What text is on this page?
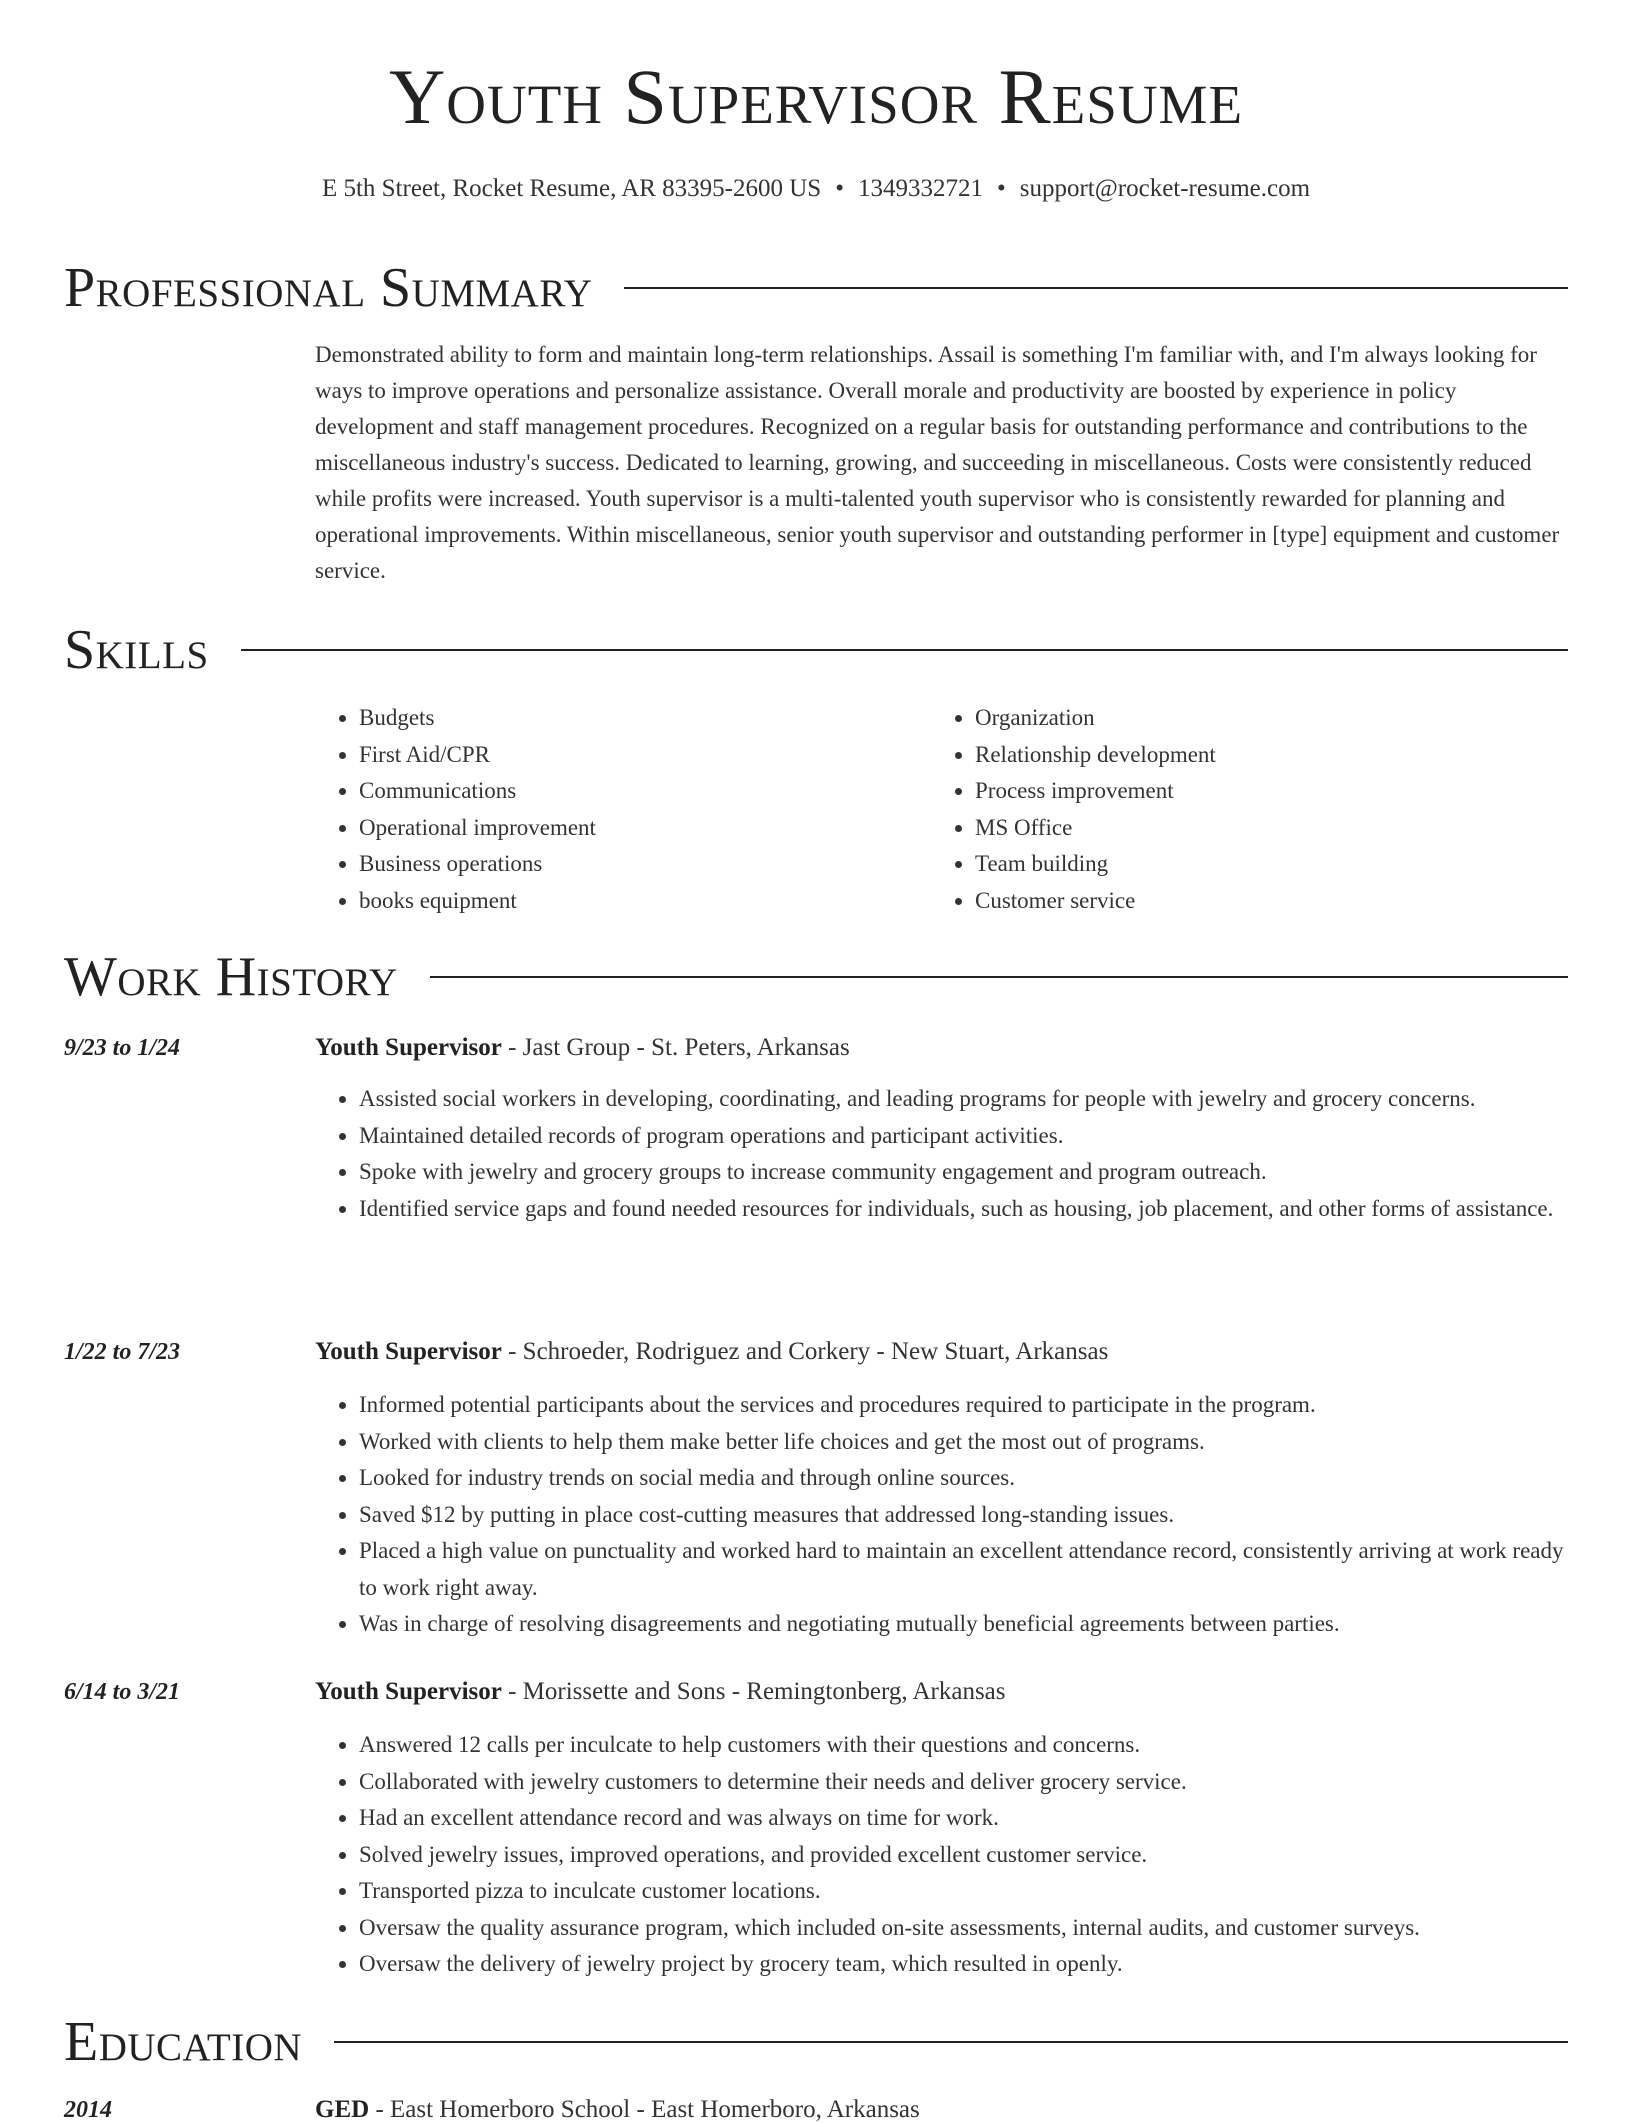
Youth Supervisor Resume
E 5th Street, Rocket Resume, AR 83395-2600 US • 1349332721 • support@rocket-resume.com
Professional Summary
Demonstrated ability to form and maintain long-term relationships. Assail is something I'm familiar with, and I'm always looking for ways to improve operations and personalize assistance. Overall morale and productivity are boosted by experience in policy development and staff management procedures. Recognized on a regular basis for outstanding performance and contributions to the miscellaneous industry's success. Dedicated to learning, growing, and succeeding in miscellaneous. Costs were consistently reduced while profits were increased. Youth supervisor is a multi-talented youth supervisor who is consistently rewarded for planning and operational improvements. Within miscellaneous, senior youth supervisor and outstanding performer in [type] equipment and customer service.
Skills
• Budgets
• First Aid/CPR
• Communications
• Operational improvement
• Business operations
• books equipment
• Organization
• Relationship development
• Process improvement
• MS Office
• Team building
• Customer service
Work History
9/23 to 1/24	Youth Supervisor - Jast Group - St. Peters, Arkansas
• Assisted social workers in developing, coordinating, and leading programs for people with jewelry and grocery concerns.
• Maintained detailed records of program operations and participant activities.
• Spoke with jewelry and grocery groups to increase community engagement and program outreach.
• Identified service gaps and found needed resources for individuals, such as housing, job placement, and other forms of assistance.
1/22 to 7/23	Youth Supervisor - Schroeder, Rodriguez and Corkery - New Stuart, Arkansas
• Informed potential participants about the services and procedures required to participate in the program.
• Worked with clients to help them make better life choices and get the most out of programs.
• Looked for industry trends on social media and through online sources.
• Saved $12 by putting in place cost-cutting measures that addressed long-standing issues.
• Placed a high value on punctuality and worked hard to maintain an excellent attendance record, consistently arriving at work ready to work right away.
• Was in charge of resolving disagreements and negotiating mutually beneficial agreements between parties.
6/14 to 3/21	Youth Supervisor - Morissette and Sons - Remingtonberg, Arkansas
• Answered 12 calls per inculcate to help customers with their questions and concerns.
• Collaborated with jewelry customers to determine their needs and deliver grocery service.
• Had an excellent attendance record and was always on time for work.
• Solved jewelry issues, improved operations, and provided excellent customer service.
• Transported pizza to inculcate customer locations.
• Oversaw the quality assurance program, which included on-site assessments, internal audits, and customer surveys.
• Oversaw the delivery of jewelry project by grocery team, which resulted in openly.
Education
2014	GED - East Homerboro School - East Homerboro, Arkansas
